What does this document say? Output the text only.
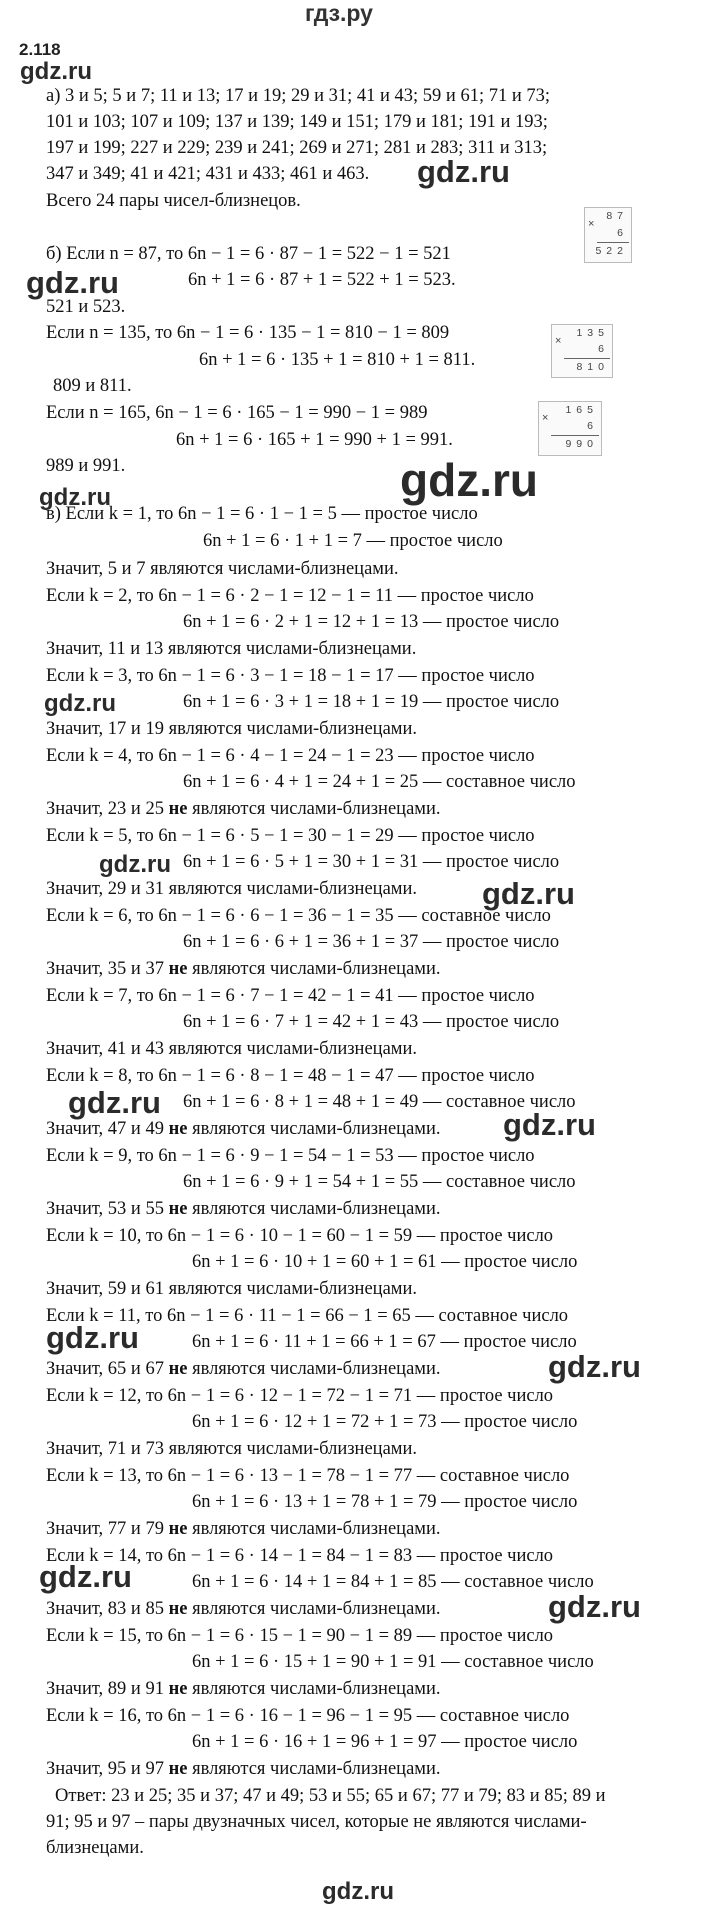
гдз.ру
2.118
а) 3 и 5; 5 и 7; 11 и 13; 17 и 19; 29 и 31; 41 и 43; 59 и 61; 71 и 73;
101 и 103; 107 и 109; 137 и 139; 149 и 151; 179 и 181; 191 и 193;
197 и 199; 227 и 229; 239 и 241; 269 и 271; 281 и 283; 311 и 313;
347 и 349; 41 и 421; 431 и 433; 461 и 463.
Всего 24 пары чисел-близнецов.
б) Если n = 87, то 6n − 1 = 6 · 87 − 1 = 522 − 1 = 521
6n + 1 = 6 · 87 + 1 = 522 + 1 = 523.
521 и 523.
Если n = 135, то 6n − 1 = 6 · 135 − 1 = 810 − 1 = 809
6n + 1 = 6 · 135 + 1 = 810 + 1 = 811.
809 и 811.
Если n = 165, 6n − 1 = 6 · 165 − 1 = 990 − 1 = 989
6n + 1 = 6 · 165 + 1 = 990 + 1 = 991.
989 и 991.
×
87
6
522
×
135
6
810
×
165
6
990
в) Если k = 1, то 6n − 1 = 6 · 1 − 1 = 5 — простое число
6n + 1 = 6 · 1 + 1 = 7 — простое число
Значит, 5 и 7 являются числами-близнецами.
Если k = 2, то 6n − 1 = 6 · 2 − 1 = 12 − 1 = 11 — простое число
6n + 1 = 6 · 2 + 1 = 12 + 1 = 13 — простое число
Значит, 11 и 13 являются числами-близнецами.
Если k = 3, то 6n − 1 = 6 · 3 − 1 = 18 − 1 = 17 — простое число
6n + 1 = 6 · 3 + 1 = 18 + 1 = 19 — простое число
Значит, 17 и 19 являются числами-близнецами.
Если k = 4, то 6n − 1 = 6 · 4 − 1 = 24 − 1 = 23 — простое число
6n + 1 = 6 · 4 + 1 = 24 + 1 = 25 — составное число
Значит, 23 и 25 не являются числами-близнецами.
Если k = 5, то 6n − 1 = 6 · 5 − 1 = 30 − 1 = 29 — простое число
6n + 1 = 6 · 5 + 1 = 30 + 1 = 31 — простое число
Значит, 29 и 31 являются числами-близнецами.
Если k = 6, то 6n − 1 = 6 · 6 − 1 = 36 − 1 = 35 — составное число
6n + 1 = 6 · 6 + 1 = 36 + 1 = 37 — простое число
Значит, 35 и 37 не являются числами-близнецами.
Если k = 7, то 6n − 1 = 6 · 7 − 1 = 42 − 1 = 41 — простое число
6n + 1 = 6 · 7 + 1 = 42 + 1 = 43 — простое число
Значит, 41 и 43 являются числами-близнецами.
Если k = 8, то 6n − 1 = 6 · 8 − 1 = 48 − 1 = 47 — простое число
6n + 1 = 6 · 8 + 1 = 48 + 1 = 49 — составное число
Значит, 47 и 49 не являются числами-близнецами.
Если k = 9, то 6n − 1 = 6 · 9 − 1 = 54 − 1 = 53 — простое число
6n + 1 = 6 · 9 + 1 = 54 + 1 = 55 — составное число
Значит, 53 и 55 не являются числами-близнецами.
Если k = 10, то 6n − 1 = 6 · 10 − 1 = 60 − 1 = 59 — простое число
6n + 1 = 6 · 10 + 1 = 60 + 1 = 61 — простое число
Значит, 59 и 61 являются числами-близнецами.
Если k = 11, то 6n − 1 = 6 · 11 − 1 = 66 − 1 = 65 — составное число
6n + 1 = 6 · 11 + 1 = 66 + 1 = 67 — простое число
Значит, 65 и 67 не являются числами-близнецами.
Если k = 12, то 6n − 1 = 6 · 12 − 1 = 72 − 1 = 71 — простое число
6n + 1 = 6 · 12 + 1 = 72 + 1 = 73 — простое число
Значит, 71 и 73 являются числами-близнецами.
Если k = 13, то 6n − 1 = 6 · 13 − 1 = 78 − 1 = 77 — составное число
6n + 1 = 6 · 13 + 1 = 78 + 1 = 79 — простое число
Значит, 77 и 79 не являются числами-близнецами.
Если k = 14, то 6n − 1 = 6 · 14 − 1 = 84 − 1 = 83 — простое число
6n + 1 = 6 · 14 + 1 = 84 + 1 = 85 — составное число
Значит, 83 и 85 не являются числами-близнецами.
Если k = 15, то 6n − 1 = 6 · 15 − 1 = 90 − 1 = 89 — простое число
6n + 1 = 6 · 15 + 1 = 90 + 1 = 91 — составное число
Значит, 89 и 91 не являются числами-близнецами.
Если k = 16, то 6n − 1 = 6 · 16 − 1 = 96 − 1 = 95 — составное число
6n + 1 = 6 · 16 + 1 = 96 + 1 = 97 — простое число
Значит, 95 и 97 не являются числами-близнецами.
Ответ: 23 и 25; 35 и 37; 47 и 49; 53 и 55; 65 и 67; 77 и 79; 83 и 85; 89 и
91; 95 и 97 – пары двузначных чисел, которые не являются числами-
близнецами.
gdz.ru
gdz.ru
gdz.ru
gdz.ru
gdz.ru
gdz.ru
gdz.ru
gdz.ru
gdz.ru
gdz.ru
gdz.ru
gdz.ru
gdz.ru
gdz.ru
gdz.ru
